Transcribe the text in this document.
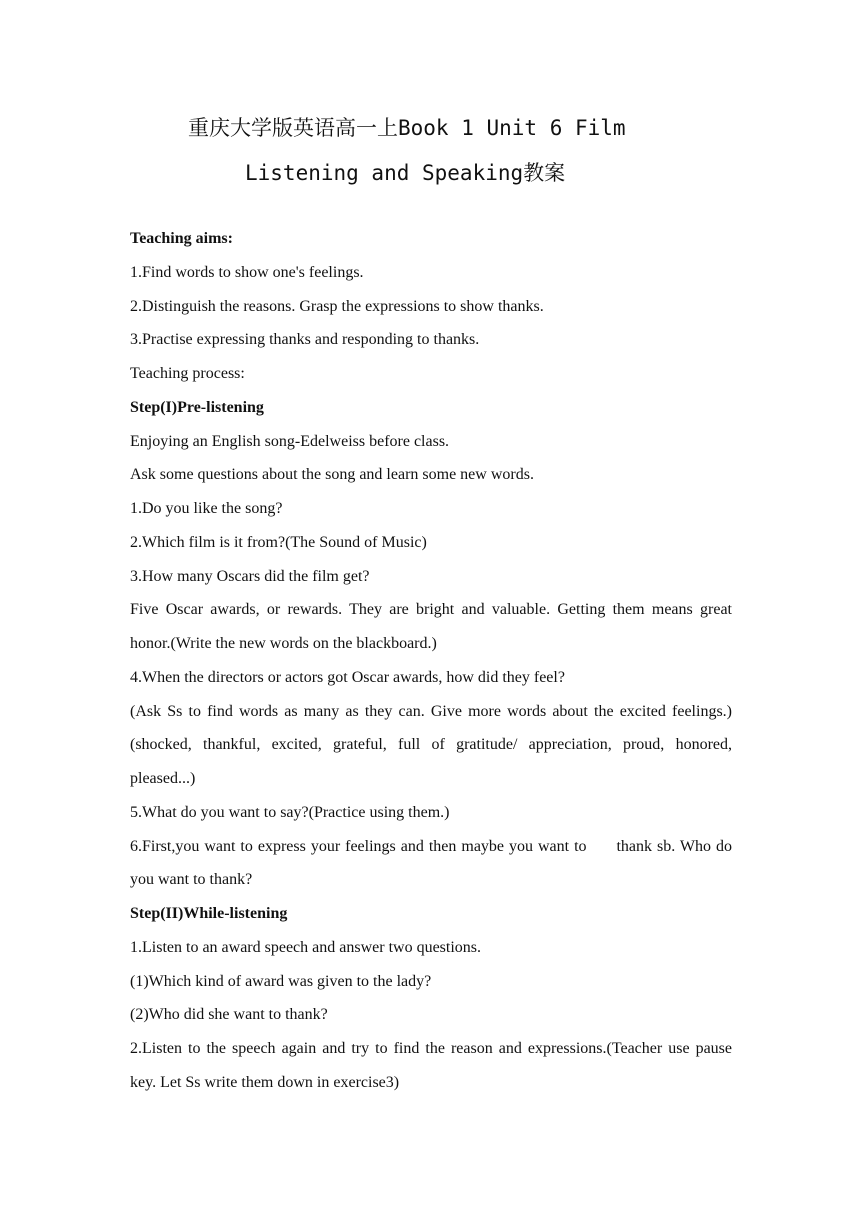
重庆大学版英语高一上Book 1 Unit 6 Film
Listening and Speaking教案

Teaching aims:

1.Find words to show one's feelings.

2.Distinguish the reasons. Grasp the expressions to show thanks.

3.Practise expressing thanks and responding to thanks.

Teaching process:

Step(I)Pre-listening

Enjoying an English song-Edelweiss before class.

Ask some questions about the song and learn some new words.

1.Do you like the song?

2.Which film is it from?(The Sound of Music)

3.How many Oscars did the film get?

Five Oscar awards, or rewards. They are bright and valuable. Getting them means great honor.(Write the new words on the blackboard.)

4.When the directors or actors got Oscar awards, how did they feel?

(Ask Ss to find words as many as they can. Give more words about the excited feelings.)(shocked, thankful, excited, grateful, full of gratitude/ appreciation, proud, honored, pleased...)

5.What do you want to say?(Practice using them.)

6.First,you want to express your feelings and then maybe you want to      thank sb. Who do you want to thank?

Step(II)While-listening

1.Listen to an award speech and answer two questions.

(1)Which kind of award was given to the lady?

(2)Who did she want to thank?

2.Listen to the speech again and try to find the reason and expressions.(Teacher use pause key. Let Ss write them down in exercise3)
